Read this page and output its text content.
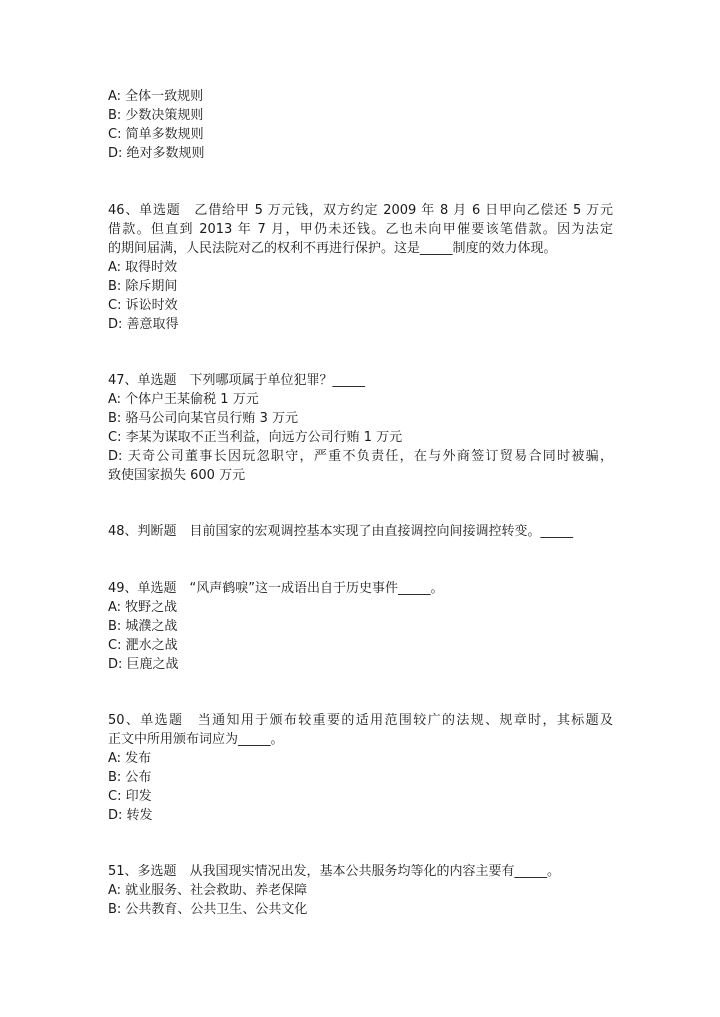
A: 全体一致规则
B: 少数决策规则
C: 简单多数规则
D: 绝对多数规则
46、单选题　乙借给甲 5 万元钱，双方约定 2009 年 8 月 6 日甲向乙偿还 5 万元
借款。但直到 2013 年 7 月，甲仍未还钱。乙也未向甲催要该笔借款。因为法定
的期间届满，人民法院对乙的权利不再进行保护。这是_____制度的效力体现。
A: 取得时效
B: 除斥期间
C: 诉讼时效
D: 善意取得
47、单选题　下列哪项属于单位犯罪？_____
A: 个体户王某偷税 1 万元
B: 骆马公司向某官员行贿 3 万元
C: 李某为谋取不正当利益，向远方公司行贿 1 万元
D: 天奇公司董事长因玩忽职守，严重不负责任，在与外商签订贸易合同时被骗，
致使国家损失 600 万元
48、判断题　目前国家的宏观调控基本实现了由直接调控向间接调控转变。_____
49、单选题　“风声鹤唳”这一成语出自于历史事件_____。
A: 牧野之战
B: 城濮之战
C: 淝水之战
D: 巨鹿之战
50、单选题　当通知用于颁布较重要的适用范围较广的法规、规章时，其标题及
正文中所用颁布词应为_____。
A: 发布
B: 公布
C: 印发
D: 转发
51、多选题　从我国现实情况出发，基本公共服务均等化的内容主要有_____。
A: 就业服务、社会救助、养老保障
B: 公共教育、公共卫生、公共文化
